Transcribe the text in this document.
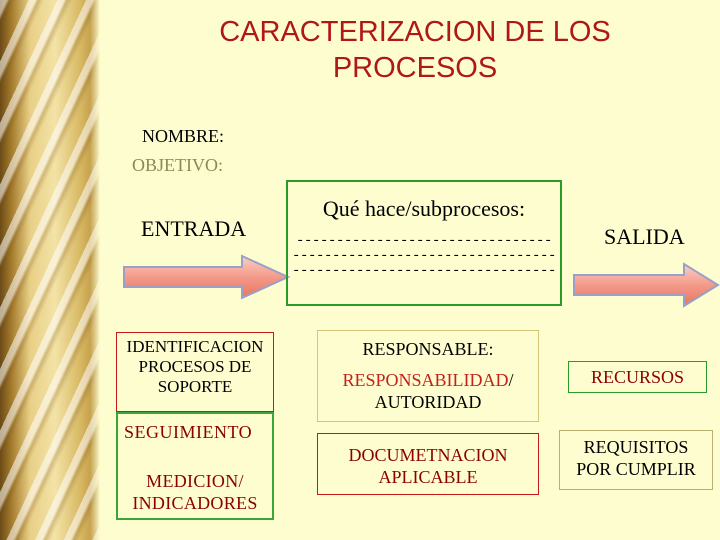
CARACTERIZACION DE LOS
PROCESOS
NOMBRE:
OBJETIVO:
ENTRADA	SALIDA
Qué hace/subprocesos:
--------------------------------
---------------------------------
---------------------------------
SEGUIMIENTO
MEDICION/
INDICADORES
IDENTIFICACION
PROCESOS DE
SOPORTE
RESPONSABLE:
RESPONSABILIDAD/
AUTORIDAD
DOCUMETNACION
APLICABLE
RECURSOS
REQUISITOS
POR CUMPLIR
